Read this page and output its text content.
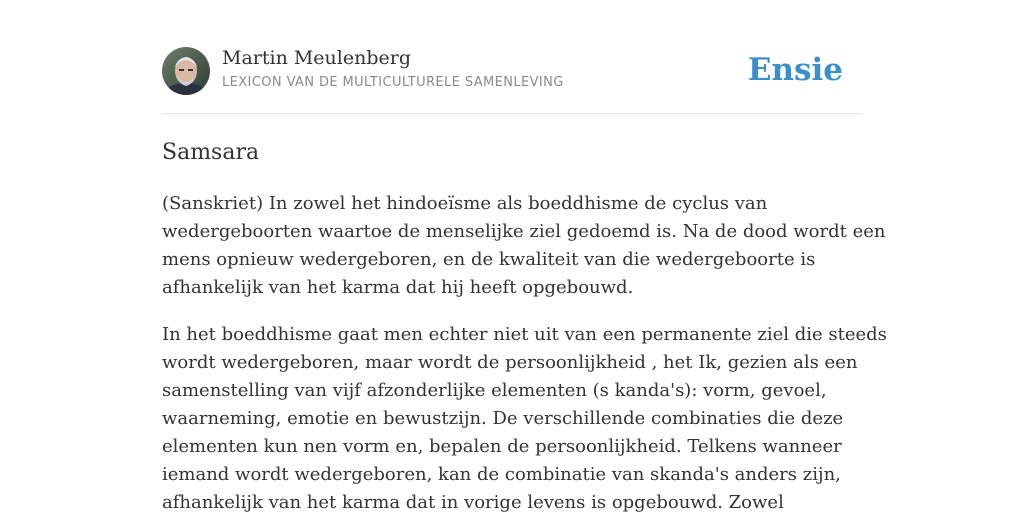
Martin Meulenberg
LEXICON VAN DE MULTICULTURELE SAMENLEVING	Ensie
Samsara

(Sanskriet) In zowel het hindoeïsme als boeddhisme de cyclus van
wedergeboorten waartoe de menselijke ziel gedoemd is. Na de dood wordt een
mens opnieuw wedergeboren, en de kwaliteit van die wedergeboorte is
afhankelijk van het karma dat hij heeft opgebouwd.

In het boeddhisme gaat men echter niet uit van een permanente ziel die steeds
wordt wedergeboren, maar wordt de persoonlijkheid , het Ik, gezien als een
samenstelling van vijf afzonderlijke elementen (s kanda's): vorm, gevoel,
waarneming, emotie en bewustzijn. De verschillende combinaties die deze
elementen kun nen vorm en, bepalen de persoonlijkheid. Telkens wanneer
iemand wordt wedergeboren, kan de combinatie van skanda's anders zijn,
afhankelijk van het karma dat in vorige levens is opgebouwd. Zowel
